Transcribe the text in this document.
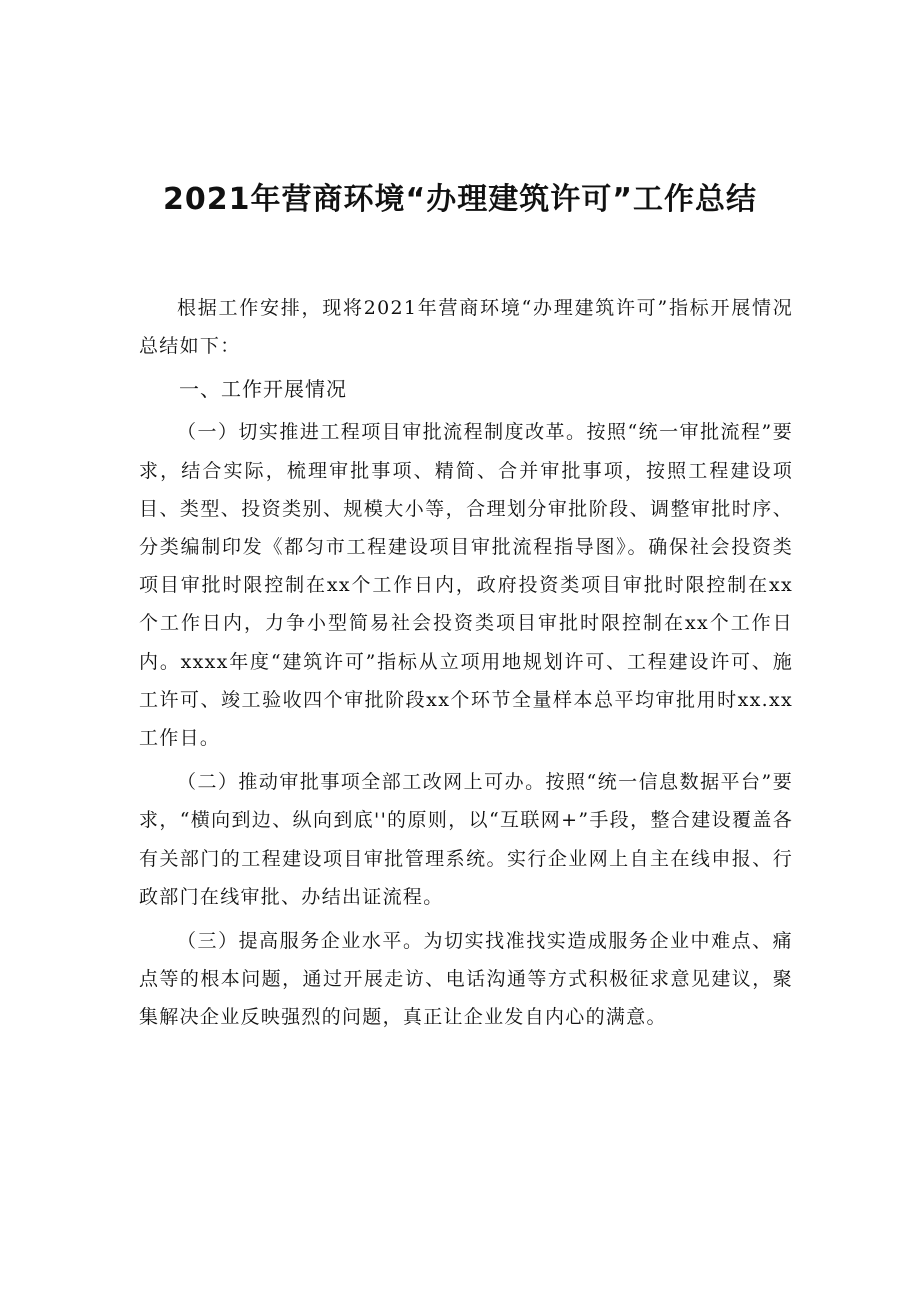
2021年营商环境“办理建筑许可”工作总结

根据工作安排，现将2021年营商环境“办理建筑许可”指标开展情况总结如下：

一、工作开展情况

（一）切实推进工程项目审批流程制度改革。按照“统一审批流程”要求，结合实际，梳理审批事项、精简、合并审批事项，按照工程建设项目、类型、投资类别、规模大小等，合理划分审批阶段、调整审批时序、分类编制印发《都匀市工程建设项目审批流程指导图》。确保社会投资类项目审批时限控制在xx个工作日内，政府投资类项目审批时限控制在xx个工作日内，力争小型简易社会投资类项目审批时限控制在xx个工作日内。xxxx年度“建筑许可”指标从立项用地规划许可、工程建设许可、施工许可、竣工验收四个审批阶段xx个环节全量样本总平均审批用时xx.xx工作日。

（二）推动审批事项全部工改网上可办。按照“统一信息数据平台”要求，“横向到边、纵向到底''的原则，以“互联网+”手段，整合建设覆盖各有关部门的工程建设项目审批管理系统。实行企业网上自主在线申报、行政部门在线审批、办结出证流程。

（三）提高服务企业水平。为切实找准找实造成服务企业中难点、痛点等的根本问题，通过开展走访、电话沟通等方式积极征求意见建议，聚集解决企业反映强烈的问题，真正让企业发自内心的满意。
